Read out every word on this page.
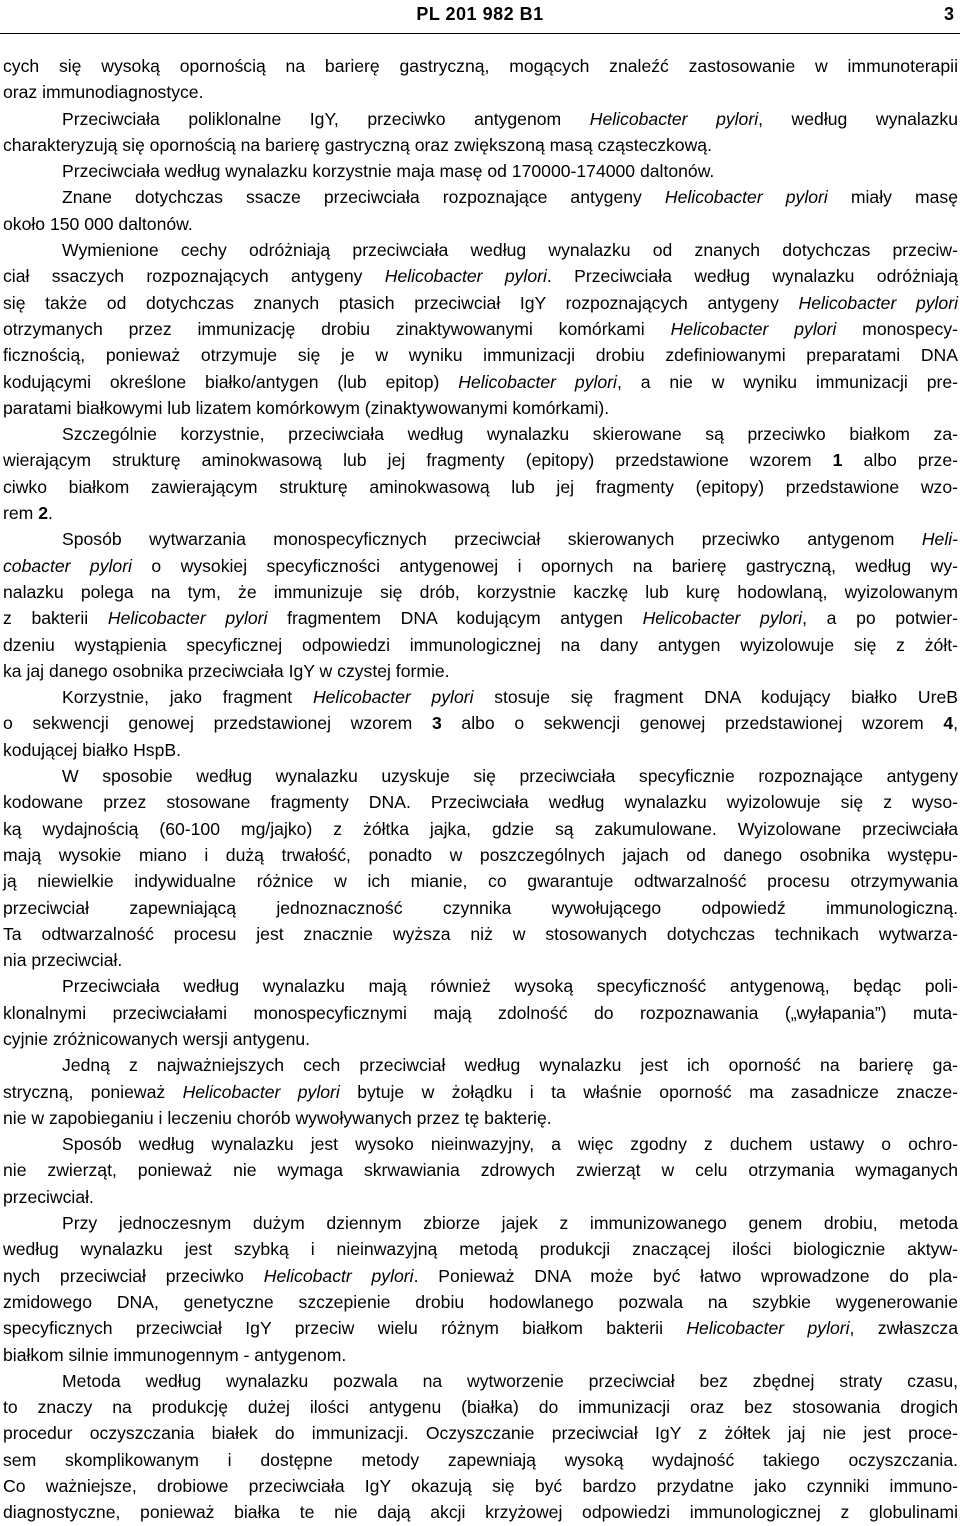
PL 201 982 B1	3
cych się wysoką opornością na barierę gastryczną, mogących znaleźć zastosowanie w immunoterapii
oraz immunodiagnostyce.
Przeciwciała poliklonalne IgY, przeciwko antygenom Helicobacter pylori, według wynalazku
charakteryzują się opornością na barierę gastryczną oraz zwiększoną masą cząsteczkową.
Przeciwciała według wynalazku korzystnie maja masę od 170000-174000 daltonów.
Znane dotychczas ssacze przeciwciała rozpoznające antygeny Helicobacter pylori miały masę
około 150 000 daltonów.
Wymienione cechy odróżniają przeciwciała według wynalazku od znanych dotychczas przeciw-
ciał ssaczych rozpoznających antygeny Helicobacter pylori. Przeciwciała według wynalazku odróżniają
się także od dotychczas znanych ptasich przeciwciał IgY rozpoznających antygeny Helicobacter pylori
otrzymanych przez immunizację drobiu zinaktywowanymi komórkami Helicobacter pylori monospecy-
ficznością, ponieważ otrzymuje się je w wyniku immunizacji drobiu zdefiniowanymi preparatami DNA
kodującymi określone białko/antygen (lub epitop) Helicobacter pylori, a nie w wyniku immunizacji pre-
paratami białkowymi lub lizatem komórkowym (zinaktywowanymi komórkami).
Szczególnie korzystnie, przeciwciała według wynalazku skierowane są przeciwko białkom za-
wierającym strukturę aminokwasową lub jej fragmenty (epitopy) przedstawione wzorem 1 albo prze-
ciwko białkom zawierającym strukturę aminokwasową lub jej fragmenty (epitopy) przedstawione wzo-
rem 2.
Sposób wytwarzania monospecyficznych przeciwciał skierowanych przeciwko antygenom Heli-
cobacter pylori o wysokiej specyficzności antygenowej i opornych na barierę gastryczną, według wy-
nalazku polega na tym, że immunizuje się drób, korzystnie kaczkę lub kurę hodowlaną, wyizolowanym
z bakterii Helicobacter pylori fragmentem DNA kodującym antygen Helicobacter pylori, a po potwier-
dzeniu wystąpienia specyficznej odpowiedzi immunologicznej na dany antygen wyizolowuje się z żółt-
ka jaj danego osobnika przeciwciała IgY w czystej formie.
Korzystnie, jako fragment Helicobacter pylori stosuje się fragment DNA kodujący białko UreB
o sekwencji genowej przedstawionej wzorem 3 albo o sekwencji genowej przedstawionej wzorem 4,
kodującej białko HspB.
W sposobie według wynalazku uzyskuje się przeciwciała specyficznie rozpoznające antygeny
kodowane przez stosowane fragmenty DNA. Przeciwciała według wynalazku wyizolowuje się z wyso-
ką wydajnością (60-100 mg/jajko) z żółtka jajka, gdzie są zakumulowane. Wyizolowane przeciwciała
mają wysokie miano i dużą trwałość, ponadto w poszczególnych jajach od danego osobnika występu-
ją niewielkie indywidualne różnice w ich mianie, co gwarantuje odtwarzalność procesu otrzymywania
przeciwciał zapewniającą jednoznaczność czynnika wywołującego odpowiedź immunologiczną.
Ta odtwarzalność procesu jest znacznie wyższa niż w stosowanych dotychczas technikach wytwarza-
nia przeciwciał.
Przeciwciała według wynalazku mają również wysoką specyficzność antygenową, będąc poli-
klonalnymi przeciwciałami monospecyficznymi mają zdolność do rozpoznawania („wyłapania”) muta-
cyjnie zróżnicowanych wersji antygenu.
Jedną z najważniejszych cech przeciwciał według wynalazku jest ich oporność na barierę ga-
stryczną, ponieważ Helicobacter pylori bytuje w żołądku i ta właśnie oporność ma zasadnicze znacze-
nie w zapobieganiu i leczeniu chorób wywoływanych przez tę bakterię.
Sposób według wynalazku jest wysoko nieinwazyjny, a więc zgodny z duchem ustawy o ochro-
nie zwierząt, ponieważ nie wymaga skrwawiania zdrowych zwierząt w celu otrzymania wymaganych
przeciwciał.
Przy jednoczesnym dużym dziennym zbiorze jajek z immunizowanego genem drobiu, metoda
według wynalazku jest szybką i nieinwazyjną metodą produkcji znaczącej ilości biologicznie aktyw-
nych przeciwciał przeciwko Helicobactr pylori. Ponieważ DNA może być łatwo wprowadzone do pla-
zmidowego DNA, genetyczne szczepienie drobiu hodowlanego pozwala na szybkie wygenerowanie
specyficznych przeciwciał IgY przeciw wielu różnym białkom bakterii Helicobacter pylori, zwłaszcza
białkom silnie immunogennym - antygenom.
Metoda według wynalazku pozwala na wytworzenie przeciwciał bez zbędnej straty czasu,
to znaczy na produkcję dużej ilości antygenu (białka) do immunizacji oraz bez stosowania drogich
procedur oczyszczania białek do immunizacji. Oczyszczanie przeciwciał IgY z żółtek jaj nie jest proce-
sem skomplikowanym i dostępne metody zapewniają wysoką wydajność takiego oczyszczania.
Co ważniejsze, drobiowe przeciwciała IgY okazują się być bardzo przydatne jako czynniki immuno-
diagnostyczne, ponieważ białka te nie dają akcji krzyżowej odpowiedzi immunologicznej z globulinami
